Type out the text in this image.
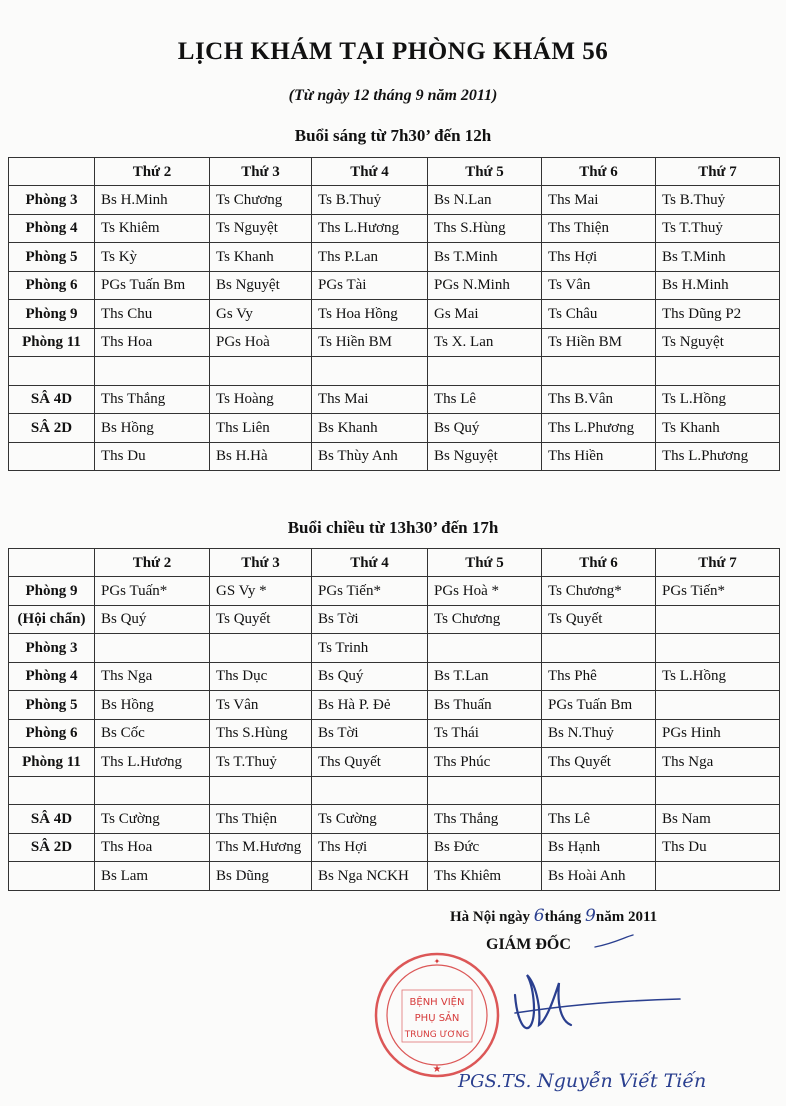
LỊCH KHÁM TẠI PHÒNG KHÁM 56
(Từ ngày 12 tháng 9 năm 2011)
Buổi sáng từ 7h30’ đến 12h
	Thứ 2	Thứ 3	Thứ 4	Thứ 5	Thứ 6	Thứ 7
Phòng 3	Bs H.Minh	Ts Chương	Ts B.Thuỷ	Bs N.Lan	Ths Mai	Ts B.Thuỷ
Phòng 4	Ts Khiêm	Ts Nguyệt	Ths L.Hương	Ths S.Hùng	Ths Thiện	Ts T.Thuỷ
Phòng 5	Ts Kỳ	Ts Khanh	Ths P.Lan	Bs T.Minh	Ths Hợi	Bs T.Minh
Phòng 6	PGs Tuấn Bm	Bs Nguyệt	PGs Tài	PGs N.Minh	Ts Vân	Bs H.Minh
Phòng 9	Ths Chu	Gs Vy	Ts Hoa Hồng	Gs Mai	Ts Châu	Ths Dũng P2
Phòng 11	Ths Hoa	PGs Hoà	Ts Hiền BM	Ts X. Lan	Ts Hiền BM	Ts Nguyệt

SÂ 4D	Ths Thắng	Ts Hoàng	Ths Mai	Ths Lê	Ths B.Vân	Ts L.Hồng
SÂ 2D	Bs Hồng	Ths Liên	Bs Khanh	Bs Quý	Ths L.Phương	Ts Khanh
	Ths Du	Bs H.Hà	Bs Thùy Anh	Bs Nguyệt	Ths Hiền	Ths L.Phương
Buổi chiều từ 13h30’ đến 17h
	Thứ 2	Thứ 3	Thứ 4	Thứ 5	Thứ 6	Thứ 7
Phòng 9	PGs Tuấn*	GS Vy *	PGs Tiến*	PGs Hoà *	Ts Chương*	PGs Tiến*
(Hội chẩn)	Bs Quý	Ts Quyết	Bs Tời	Ts Chương	Ts Quyết	
Phòng 3			Ts Trinh			
Phòng 4	Ths Nga	Ths Dục	Bs Quý	Bs T.Lan	Ths Phê	Ts L.Hồng
Phòng 5	Bs Hồng	Ts Vân	Bs Hà P. Đẻ	Bs Thuấn	PGs Tuấn Bm	
Phòng 6	Bs Cốc	Ths S.Hùng	Bs Tời	Ts Thái	Bs N.Thuỷ	PGs Hinh
Phòng 11	Ths L.Hương	Ts T.Thuỷ	Ths Quyết	Ths Phúc	Ths Quyết	Ths Nga

SÂ 4D	Ts Cường	Ths Thiện	Ts Cường	Ths Thắng	Ths Lê	Bs Nam
SÂ 2D	Ths Hoa	Ths M.Hương	Ths Hợi	Bs Đức	Bs Hạnh	Ths Du
	Bs Lam	Bs Dũng	Bs Nga NCKH	Ths Khiêm	Bs Hoài Anh	
Hà Nội ngày 6tháng 9năm 2011
GIÁM ĐỐC
BỆNH VIỆN
PHỤ SẢN
TRUNG ƯƠNG
★
✦
PGS.TS. Nguyễn Viết Tiến
